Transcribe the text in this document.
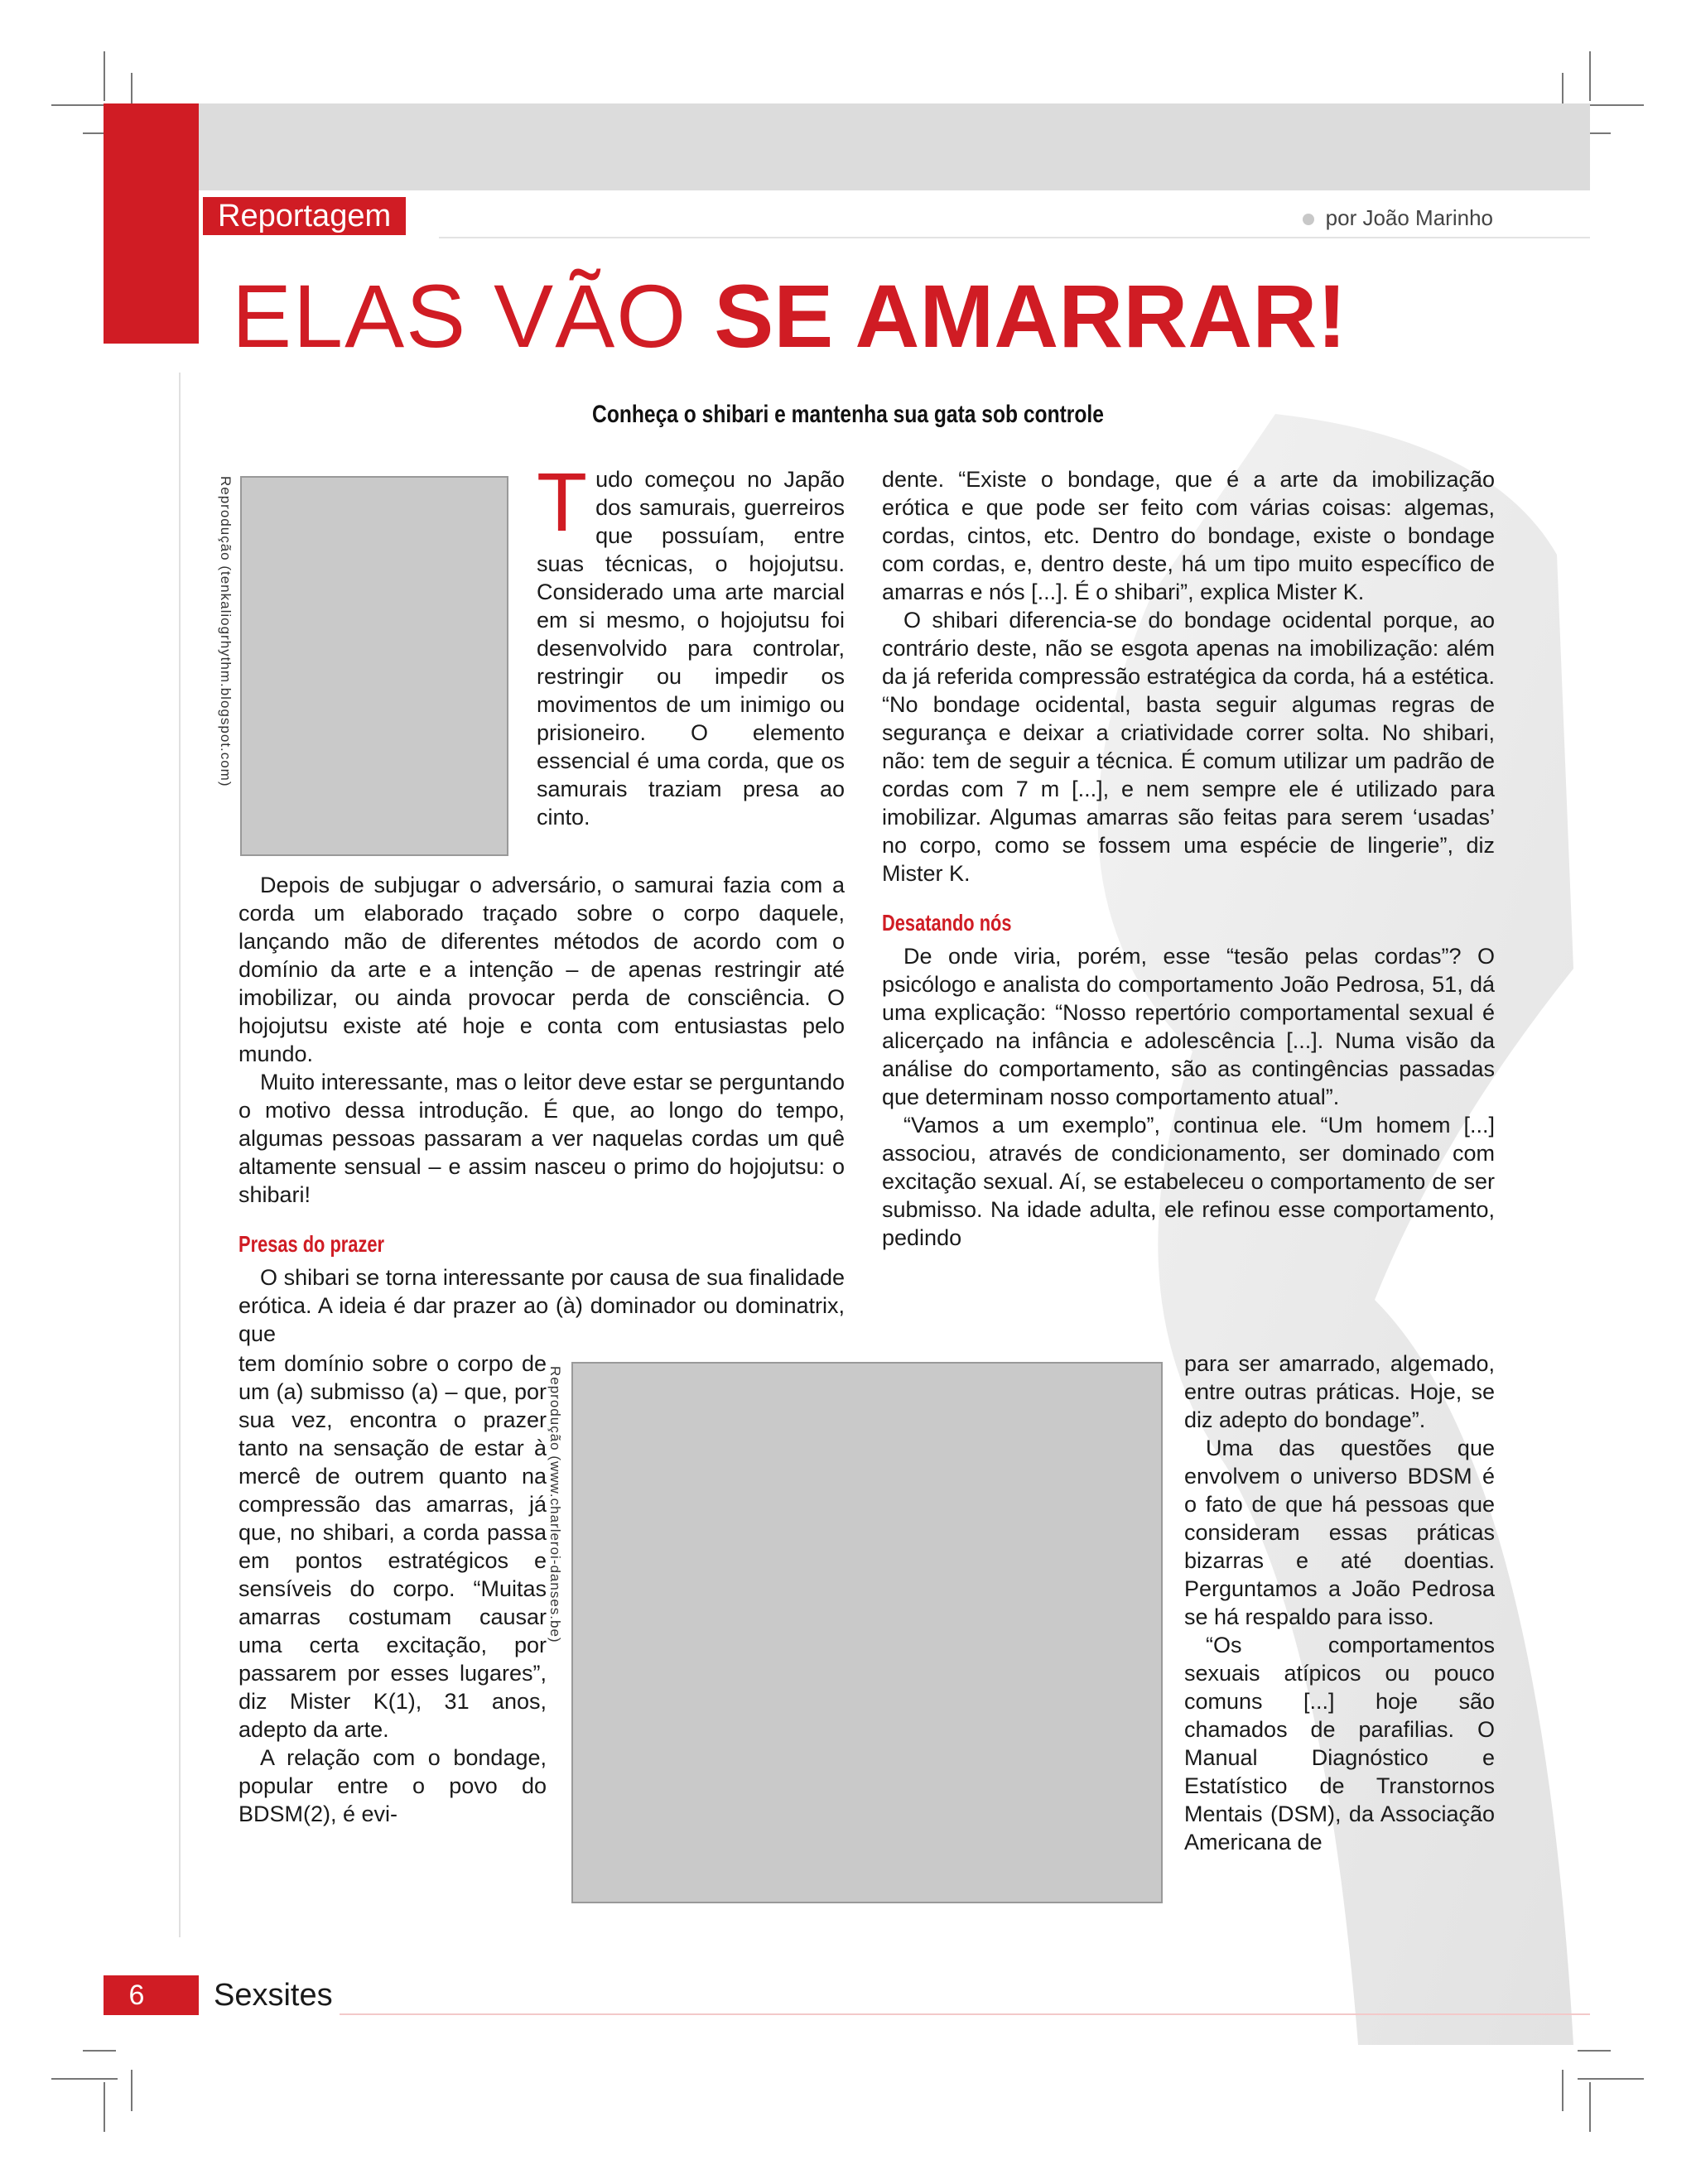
Reportagem	por João Marinho
ELAS VÃO SE AMARRAR!
Conheça o shibari e mantenha sua gata sob controle
Reprodução (tenkaliogrhythm.blogspot.com)
Reprodução (www.charleroi-danses.be)
T udo começou no Japão dos samurais, guerreiros que possuíam, entre suas técnicas, o hojojutsu. Considerado uma arte marcial em si mesmo, o hojojutsu foi desenvolvido para controlar, restringir ou impedir os movimentos de um inimigo ou prisioneiro. O elemento essencial é uma corda, que os samurais traziam presa ao cinto.

Depois de subjugar o adversário, o samurai fazia com a corda um elaborado traçado sobre o corpo daquele, lançando mão de diferentes métodos de acordo com o domínio da arte e a intenção – de apenas restringir até imobilizar, ou ainda provocar perda de consciência. O hojojutsu existe até hoje e conta com entusiastas pelo mundo.

Muito interessante, mas o leitor deve estar se perguntando o motivo dessa introdução. É que, ao longo do tempo, algumas pessoas passaram a ver naquelas cordas um quê altamente sensual – e assim nasceu o primo do hojojutsu: o shibari!

Presas do prazer

O shibari se torna interessante por causa de sua finalidade erótica. A ideia é dar prazer ao (à) dominador ou dominatrix, que

tem domínio sobre o corpo de um (a) submisso (a) – que, por sua vez, encontra o prazer tanto na sensação de estar à mercê de outrem quanto na compressão das amarras, já que, no shibari, a corda passa em pontos estratégicos e sensíveis do corpo. “Muitas amarras costumam causar uma certa excitação, por passarem por esses lugares”, diz Mister K(1), 31 anos, adepto da arte.

A relação com o bondage, popular entre o povo do BDSM(2), é evi-

dente. “Existe o bondage, que é a arte da imobilização erótica e que pode ser feito com várias coisas: algemas, cordas, cintos, etc. Dentro do bondage, existe o bondage com cordas, e, dentro deste, há um tipo muito específico de amarras e nós [...]. É o shibari”, explica Mister K.

O shibari diferencia-se do bondage ocidental porque, ao contrário deste, não se esgota apenas na imobilização: além da já referida compressão estratégica da corda, há a estética. “No bondage ocidental, basta seguir algumas regras de segurança e deixar a criatividade correr solta. No shibari, não: tem de seguir a técnica. É comum utilizar um padrão de cordas com 7 m [...], e nem sempre ele é utilizado para imobilizar. Algumas amarras são feitas para serem ‘usadas’ no corpo, como se fossem uma espécie de lingerie”, diz Mister K.

Desatando nós

De onde viria, porém, esse “tesão pelas cordas”? O psicólogo e analista do comportamento João Pedrosa, 51, dá uma explicação: “Nosso repertório comportamental sexual é alicerçado na infância e adolescência [...]. Numa visão da análise do comportamento, são as contingências passadas que determinam nosso comportamento atual”.

“Vamos a um exemplo”, continua ele. “Um homem [...] associou, através de condicionamento, ser dominado com excitação sexual. Aí, se estabeleceu o comportamento de ser submisso. Na idade adulta, ele refinou esse comportamento, pedindo

para ser amarrado, algemado, entre outras práticas. Hoje, se diz adepto do bondage”.

Uma das questões que envolvem o universo BDSM é o fato de que há pessoas que consideram essas práticas bizarras e até doentias. Perguntamos a João Pedrosa se há respaldo para isso.

“Os comportamentos sexuais atípicos ou pouco comuns [...] hoje são chamados de parafilias. O Manual Diagnóstico e Estatístico de Transtornos Mentais (DSM), da Associação Americana de

6	Sexsites
